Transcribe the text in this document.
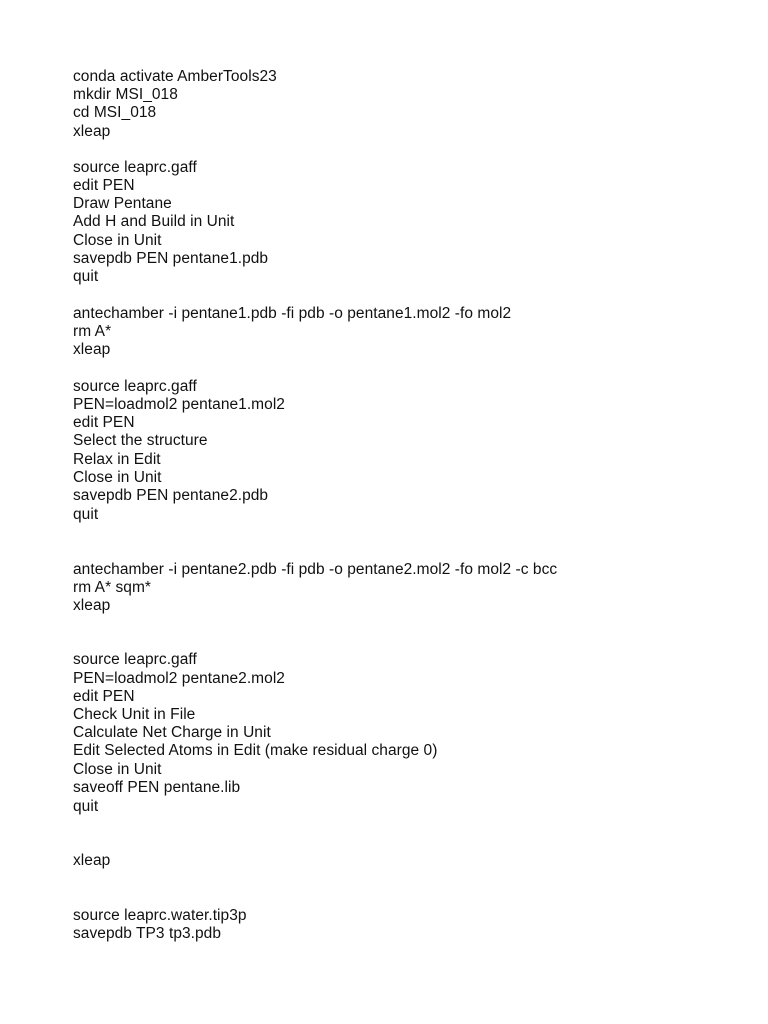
conda activate AmberTools23
mkdir MSI_018
cd MSI_018
xleap
source leaprc.gaff
edit PEN
Draw Pentane
Add H and Build in Unit
Close in Unit
savepdb PEN pentane1.pdb
quit
antechamber -i pentane1.pdb -fi pdb -o pentane1.mol2 -fo mol2
rm A*
xleap
source leaprc.gaff
PEN=loadmol2 pentane1.mol2
edit PEN
Select the structure
Relax in Edit
Close in Unit
savepdb PEN pentane2.pdb
quit
antechamber -i pentane2.pdb -fi pdb -o pentane2.mol2 -fo mol2 -c bcc
rm A* sqm*
xleap
source leaprc.gaff
PEN=loadmol2 pentane2.mol2
edit PEN
Check Unit in File
Calculate Net Charge in Unit
Edit Selected Atoms in Edit (make residual charge 0)
Close in Unit
saveoff PEN pentane.lib
quit
xleap
source leaprc.water.tip3p
savepdb TP3 tp3.pdb
